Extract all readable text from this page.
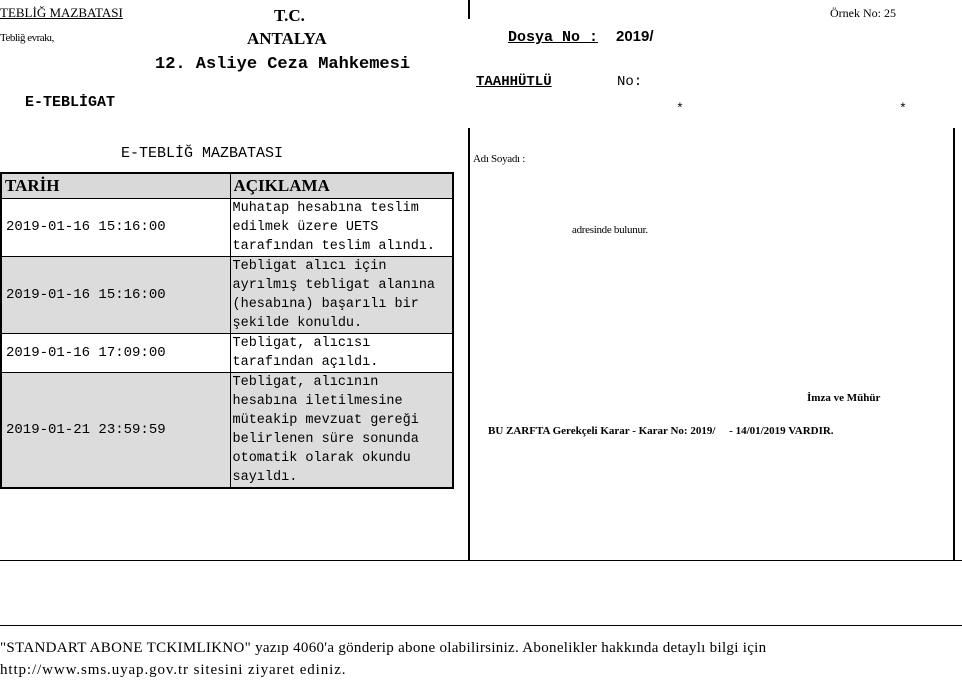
TEBLİĞ MAZBATASI
Tebliğ evrakı,
T.C.
ANTALYA
12. Asliye Ceza Mahkemesi
E-TEBLİGAT
Örnek No: 25
Dosya No : 2019/
TAAHHÜTLÜ	No:
*	*
E-TEBLİĞ MAZBATASI
TARİH	AÇIKLAMA
2019-01-16 15:16:00	Muhatap hesabına teslim edilmek üzere UETS tarafından teslim alındı.
2019-01-16 15:16:00	Tebligat alıcı için ayrılmış tebligat alanına (hesabına) başarılı bir şekilde konuldu.
2019-01-16 17:09:00	Tebligat, alıcısı tarafından açıldı.
2019-01-21 23:59:59	Tebligat, alıcının hesabına iletilmesine müteakip mevzuat gereği belirlenen süre sonunda otomatik olarak okundu sayıldı.
Adı Soyadı :
adresinde bulunur.
İmza ve Mühür
BU ZARFTA Gerekçeli Karar - Karar No: 2019/     - 14/01/2019 VARDIR.
"STANDART ABONE TCKIMLIKNO" yazıp 4060'a gönderip abone olabilirsiniz. Abonelikler hakkında detaylı bilgi için
http://www.sms.uyap.gov.tr sitesini ziyaret ediniz.
